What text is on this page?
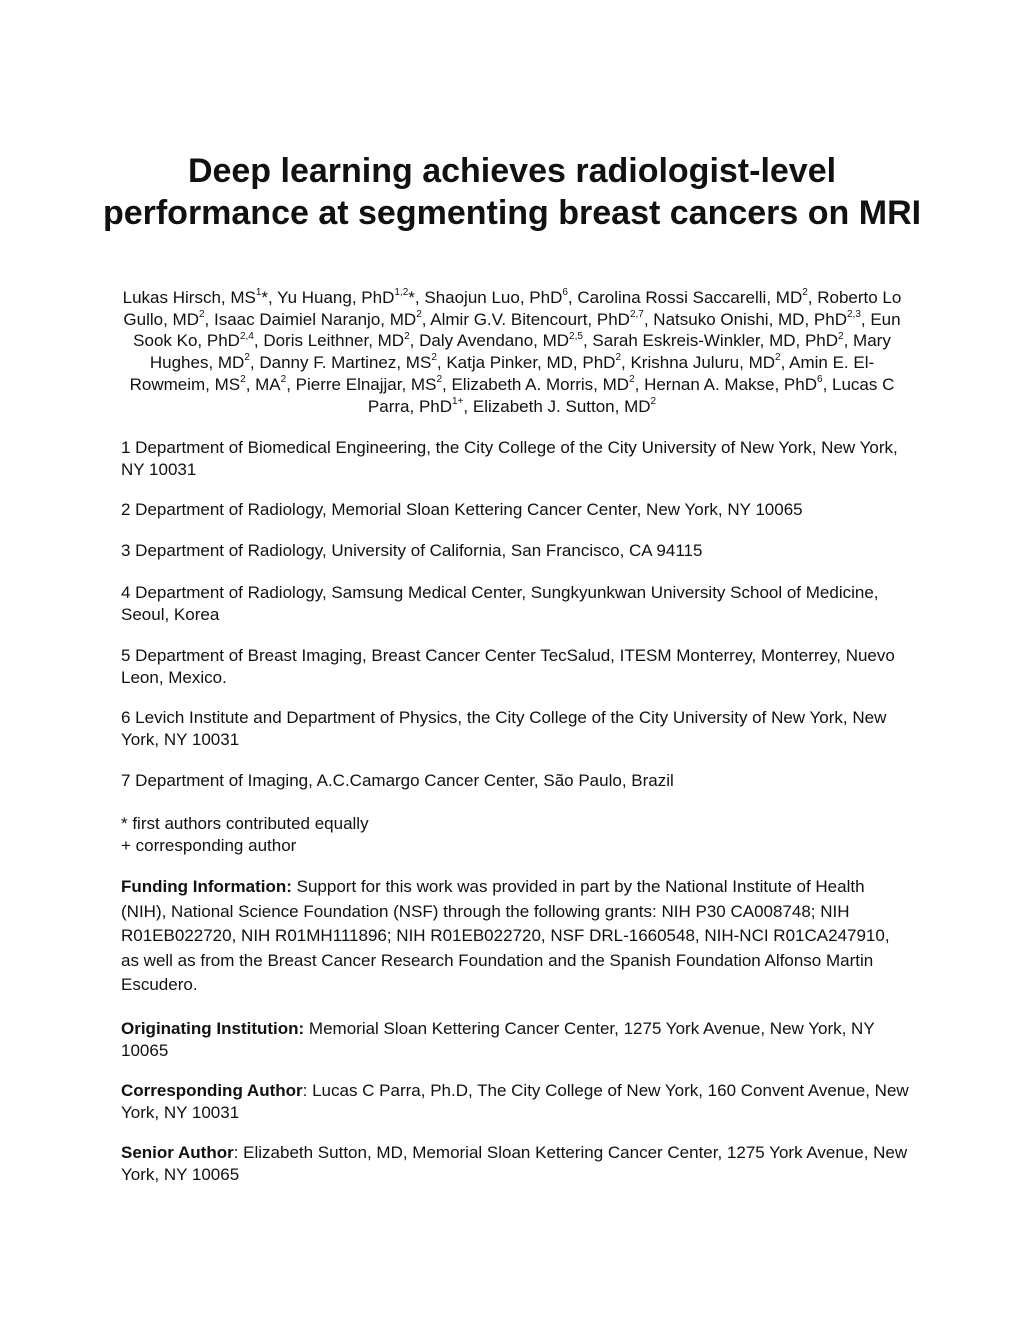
Deep learning achieves radiologist-level performance at segmenting breast cancers on MRI

Lukas Hirsch, $MS^1*$, Yu Huang, PhD$^{1,2}$*, Shaojun Luo, PhD$^6$, Carolina Rossi Saccarelli, $MD^2$, Roberto Lo Gullo, $MD^2$, Isaac Daimiel Naranjo, $MD^2$, Almir G.V. Bitencourt, PhD$^{2,7}$, Natsuko Onishi, MD, PhD$^{2,3}$, Eun Sook Ko, PhD$^{2,4}$, Doris Leithner, $MD^2$, Daly Avendano, MD$^{2,5}$, Sarah Eskreis-Winkler, MD, PhD$^2$, Mary Hughes, $MD^2$, Danny F. Martinez, $MS^2$, Katja Pinker, MD, PhD$^2$, Krishna Juluru, $MD^2$, Amin E. El-Rowmeim, $MS^2$, $MA^2$, Pierre Elnajjar, $MS^2$, Elizabeth A. Morris, $MD^2$, Hernan A. Makse, PhD$^6$, Lucas C Parra, PhD$^{1+}$, Elizabeth J. Sutton, $MD^2$

1 Department of Biomedical Engineering, the City College of the City University of New York, New York, NY 10031

2 Department of Radiology, Memorial Sloan Kettering Cancer Center, New York, NY 10065

3 Department of Radiology, University of California, San Francisco, CA 94115

4 Department of Radiology, Samsung Medical Center, Sungkyunkwan University School of Medicine, Seoul, Korea

5 Department of Breast Imaging, Breast Cancer Center TecSalud, ITESM Monterrey, Monterrey, Nuevo Leon, Mexico.

6 Levich Institute and Department of Physics, the City College of the City University of New York, New York, NY 10031

7 Department of Imaging, A.C.Camargo Cancer Center, São Paulo, Brazil

* first authors contributed equally
+ corresponding author

Funding Information: Support for this work was provided in part by the National Institute of Health (NIH), National Science Foundation (NSF) through the following grants: NIH P30 CA008748; NIH R01EB022720, NIH R01MH111896; NIH R01EB022720, NSF DRL-1660548, NIH-NCI R01CA247910, as well as from the Breast Cancer Research Foundation and the Spanish Foundation Alfonso Martin Escudero.

Originating Institution: Memorial Sloan Kettering Cancer Center, 1275 York Avenue, New York, NY 10065

Corresponding Author: Lucas C Parra, Ph.D, The City College of New York, 160 Convent Avenue, New York, NY 10031

Senior Author: Elizabeth Sutton, MD, Memorial Sloan Kettering Cancer Center, 1275 York Avenue, New York, NY 10065
